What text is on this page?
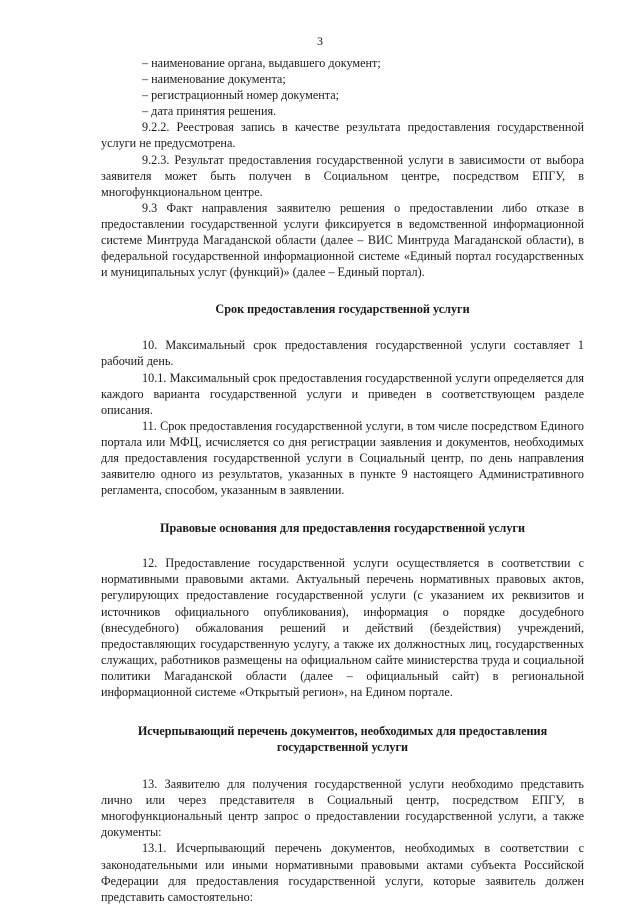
3

– наименование органа, выдавшего документ;

– наименование документа;

– регистрационный номер документа;

– дата принятия решения.

9.2.2. Реестровая запись в качестве результата предоставления государственной услуги не предусмотрена.

9.2.3. Результат предоставления государственной услуги в зависимости от выбора заявителя может быть получен в Социальном центре, посредством ЕПГУ, в многофункциональном центре.

9.3 Факт направления заявителю решения о предоставлении либо отказе в предоставлении государственной услуги фиксируется в ведомственной информационной системе Минтруда Магаданской области (далее – ВИС Минтруда Магаданской области), в федеральной государственной информационной системе «Единый портал государственных и муниципальных услуг (функций)» (далее – Единый портал).

Срок предоставления государственной услуги

10. Максимальный срок предоставления государственной услуги составляет 1 рабочий день.

10.1. Максимальный срок предоставления государственной услуги определяется для каждого варианта государственной услуги и приведен в соответствующем разделе описания.

11. Срок предоставления государственной услуги, в том числе посредством Единого портала или МФЦ, исчисляется со дня регистрации заявления и документов, необходимых для предоставления государственной услуги в Социальный центр, по день направления заявителю одного из результатов, указанных в пункте 9 настоящего Административного регламента, способом, указанным в заявлении.

Правовые основания для предоставления государственной услуги

12. Предоставление государственной услуги осуществляется в соответствии с нормативными правовыми актами. Актуальный перечень нормативных правовых актов, регулирующих предоставление государственной услуги (с указанием их реквизитов и источников официального опубликования), информация о порядке досудебного (внесудебного) обжалования решений и действий (бездействия) учреждений, предоставляющих государственную услугу, а также их должностных лиц, государственных служащих, работников размещены на официальном сайте министерства труда и социальной политики Магаданской области (далее – официальный сайт) в региональной информационной системе «Открытый регион», на Едином портале.

Исчерпывающий перечень документов, необходимых для предоставления
государственной услуги

13. Заявителю для получения государственной услуги необходимо представить лично или через представителя в Социальный центр, посредством ЕПГУ, в многофункциональный центр запрос о предоставлении государственной услуги, а также документы:

13.1. Исчерпывающий перечень документов, необходимых в соответствии с законодательными или иными нормативными правовыми актами субъекта Российской Федерации для предоставления государственной услуги, которые заявитель должен представить самостоятельно:
